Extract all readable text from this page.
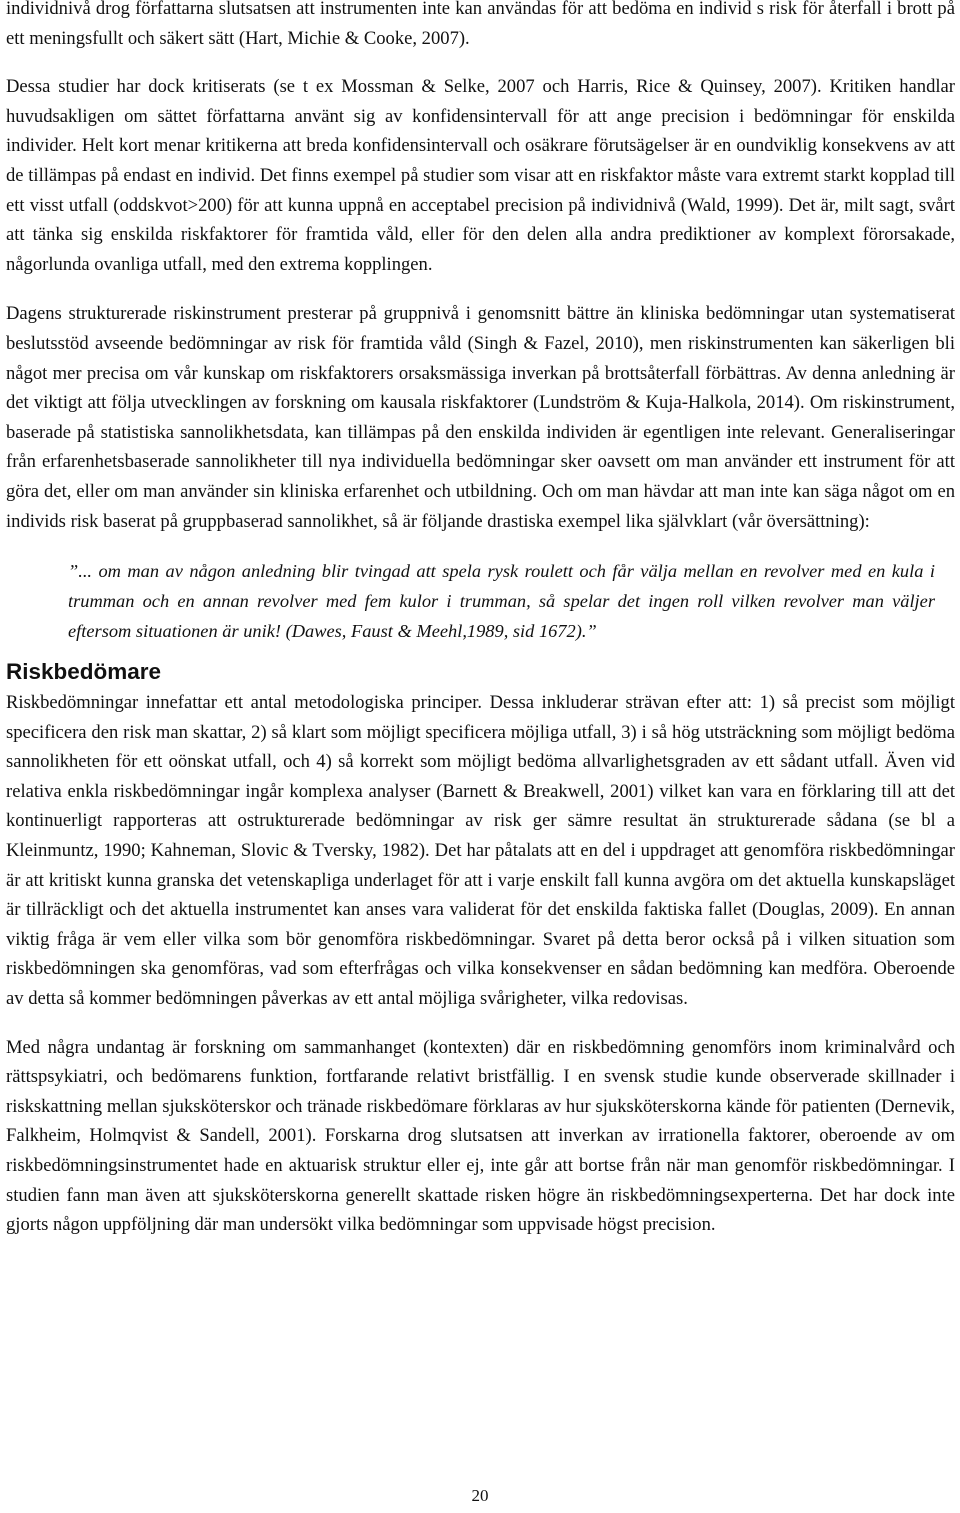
individnivå drog författarna slutsatsen att instrumenten inte kan användas för att bedöma en individ s risk för återfall i brott på ett meningsfullt och säkert sätt (Hart, Michie & Cooke, 2007).

Dessa studier har dock kritiserats (se t ex Mossman & Selke, 2007 och Harris, Rice & Quinsey, 2007). Kritiken handlar huvudsakligen om sättet författarna använt sig av konfidensintervall för att ange precision i bedömningar för enskilda individer. Helt kort menar kritikerna att breda konfidensintervall och osäkrare förutsägelser är en oundviklig konsekvens av att de tillämpas på endast en individ. Det finns exempel på studier som visar att en riskfaktor måste vara extremt starkt kopplad till ett visst utfall (oddskvot>200) för att kunna uppnå en acceptabel precision på individnivå (Wald, 1999). Det är, milt sagt, svårt att tänka sig enskilda riskfaktorer för framtida våld, eller för den delen alla andra prediktioner av komplext förorsakade, någorlunda ovanliga utfall, med den extrema kopplingen.

Dagens strukturerade riskinstrument presterar på gruppnivå i genomsnitt bättre än kliniska bedömningar utan systematiserat beslutsstöd avseende bedömningar av risk för framtida våld (Singh & Fazel, 2010), men riskinstrumenten kan säkerligen bli något mer precisa om vår kunskap om riskfaktorers orsaksmässiga inverkan på brottsåterfall förbättras. Av denna anledning är det viktigt att följa utvecklingen av forskning om kausala riskfaktorer (Lundström & Kuja-Halkola, 2014). Om riskinstrument, baserade på statistiska sannolikhetsdata, kan tillämpas på den enskilda individen är egentligen inte relevant. Generaliseringar från erfarenhetsbaserade sannolikheter till nya individuella bedömningar sker oavsett om man använder ett instrument för att göra det, eller om man använder sin kliniska erfarenhet och utbildning. Och om man hävdar att man inte kan säga något om en individs risk baserat på gruppbaserad sannolikhet, så är följande drastiska exempel lika självklart (vår översättning):

”... om man av någon anledning blir tvingad att spela rysk roulett och får välja mellan en revolver med en kula i trumman och en annan revolver med fem kulor i trumman, så spelar det ingen roll vilken revolver man väljer eftersom situationen är unik! (Dawes, Faust & Meehl,1989, sid 1672).”

Riskbedömare

Riskbedömningar innefattar ett antal metodologiska principer. Dessa inkluderar strävan efter att: 1) så precist som möjligt specificera den risk man skattar, 2) så klart som möjligt specificera möjliga utfall, 3) i så hög utsträckning som möjligt bedöma sannolikheten för ett oönskat utfall, och 4) så korrekt som möjligt bedöma allvarlighetsgraden av ett sådant utfall. Även vid relativa enkla riskbedömningar ingår komplexa analyser (Barnett & Breakwell, 2001) vilket kan vara en förklaring till att det kontinuerligt rapporteras att ostrukturerade bedömningar av risk ger sämre resultat än strukturerade sådana (se bl a Kleinmuntz, 1990; Kahneman, Slovic & Tversky, 1982). Det har påtalats att en del i uppdraget att genomföra riskbedömningar är att kritiskt kunna granska det vetenskapliga underlaget för att i varje enskilt fall kunna avgöra om det aktuella kunskapsläget är tillräckligt och det aktuella instrumentet kan anses vara validerat för det enskilda faktiska fallet (Douglas, 2009). En annan viktig fråga är vem eller vilka som bör genomföra riskbedömningar. Svaret på detta beror också på i vilken situation som riskbedömningen ska genomföras, vad som efterfrågas och vilka konsekvenser en sådan bedömning kan medföra. Oberoende av detta så kommer bedömningen påverkas av ett antal möjliga svårigheter, vilka redovisas.

Med några undantag är forskning om sammanhanget (kontexten) där en riskbedömning genomförs inom kriminalvård och rättspsykiatri, och bedömarens funktion, fortfarande relativt bristfällig. I en svensk studie kunde observerade skillnader i riskskattning mellan sjuksköterskor och tränade riskbedömare förklaras av hur sjuksköterskorna kände för patienten (Dernevik, Falkheim, Holmqvist & Sandell, 2001). Forskarna drog slutsatsen att inverkan av irrationella faktorer, oberoende av om riskbedömningsinstrumentet hade en aktuarisk struktur eller ej, inte går att bortse från när man genomför riskbedömningar. I studien fann man även att sjuksköterskorna generellt skattade risken högre än riskbedömningsexperterna. Det har dock inte gjorts någon uppföljning där man undersökt vilka bedömningar som uppvisade högst precision.

20
